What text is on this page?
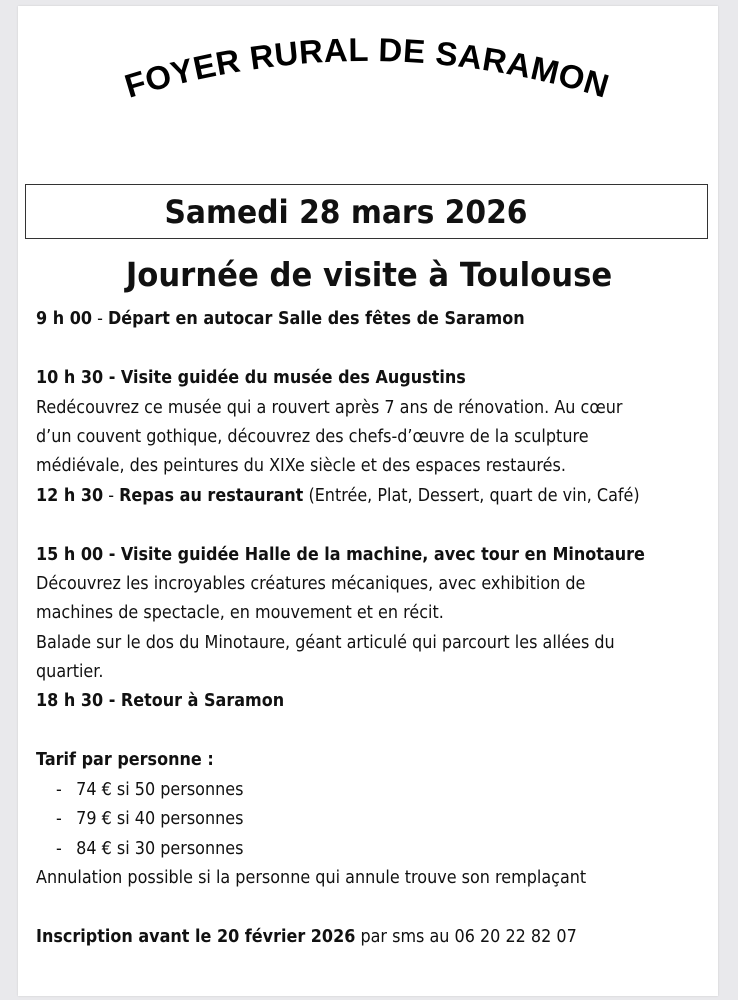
FOYER RURAL DE SARAMON
Samedi 28 mars 2026
Journée de visite à Toulouse
9 h 00 - Départ en autocar Salle des fêtes de Saramon
10 h 30 - Visite guidée du musée des Augustins
Redécouvrez ce musée qui a rouvert après 7 ans de rénovation. Au cœur
d’un couvent gothique, découvrez des chefs-d’œuvre de la sculpture
médiévale, des peintures du XIXe siècle et des espaces restaurés.
12 h 30 - Repas au restaurant (Entrée, Plat, Dessert, quart de vin, Café)
15 h 00 - Visite guidée Halle de la machine, avec tour en Minotaure
Découvrez les incroyables créatures mécaniques, avec exhibition de
machines de spectacle, en mouvement et en récit.
Balade sur le dos du Minotaure, géant articulé qui parcourt les allées du
quartier.
18 h 30 - Retour à Saramon
Tarif par personne :
- 74 € si 50 personnes
- 79 € si 40 personnes
- 84 € si 30 personnes
Annulation possible si la personne qui annule trouve son remplaçant
Inscription avant le 20 février 2026 par sms au 06 20 22 82 07
